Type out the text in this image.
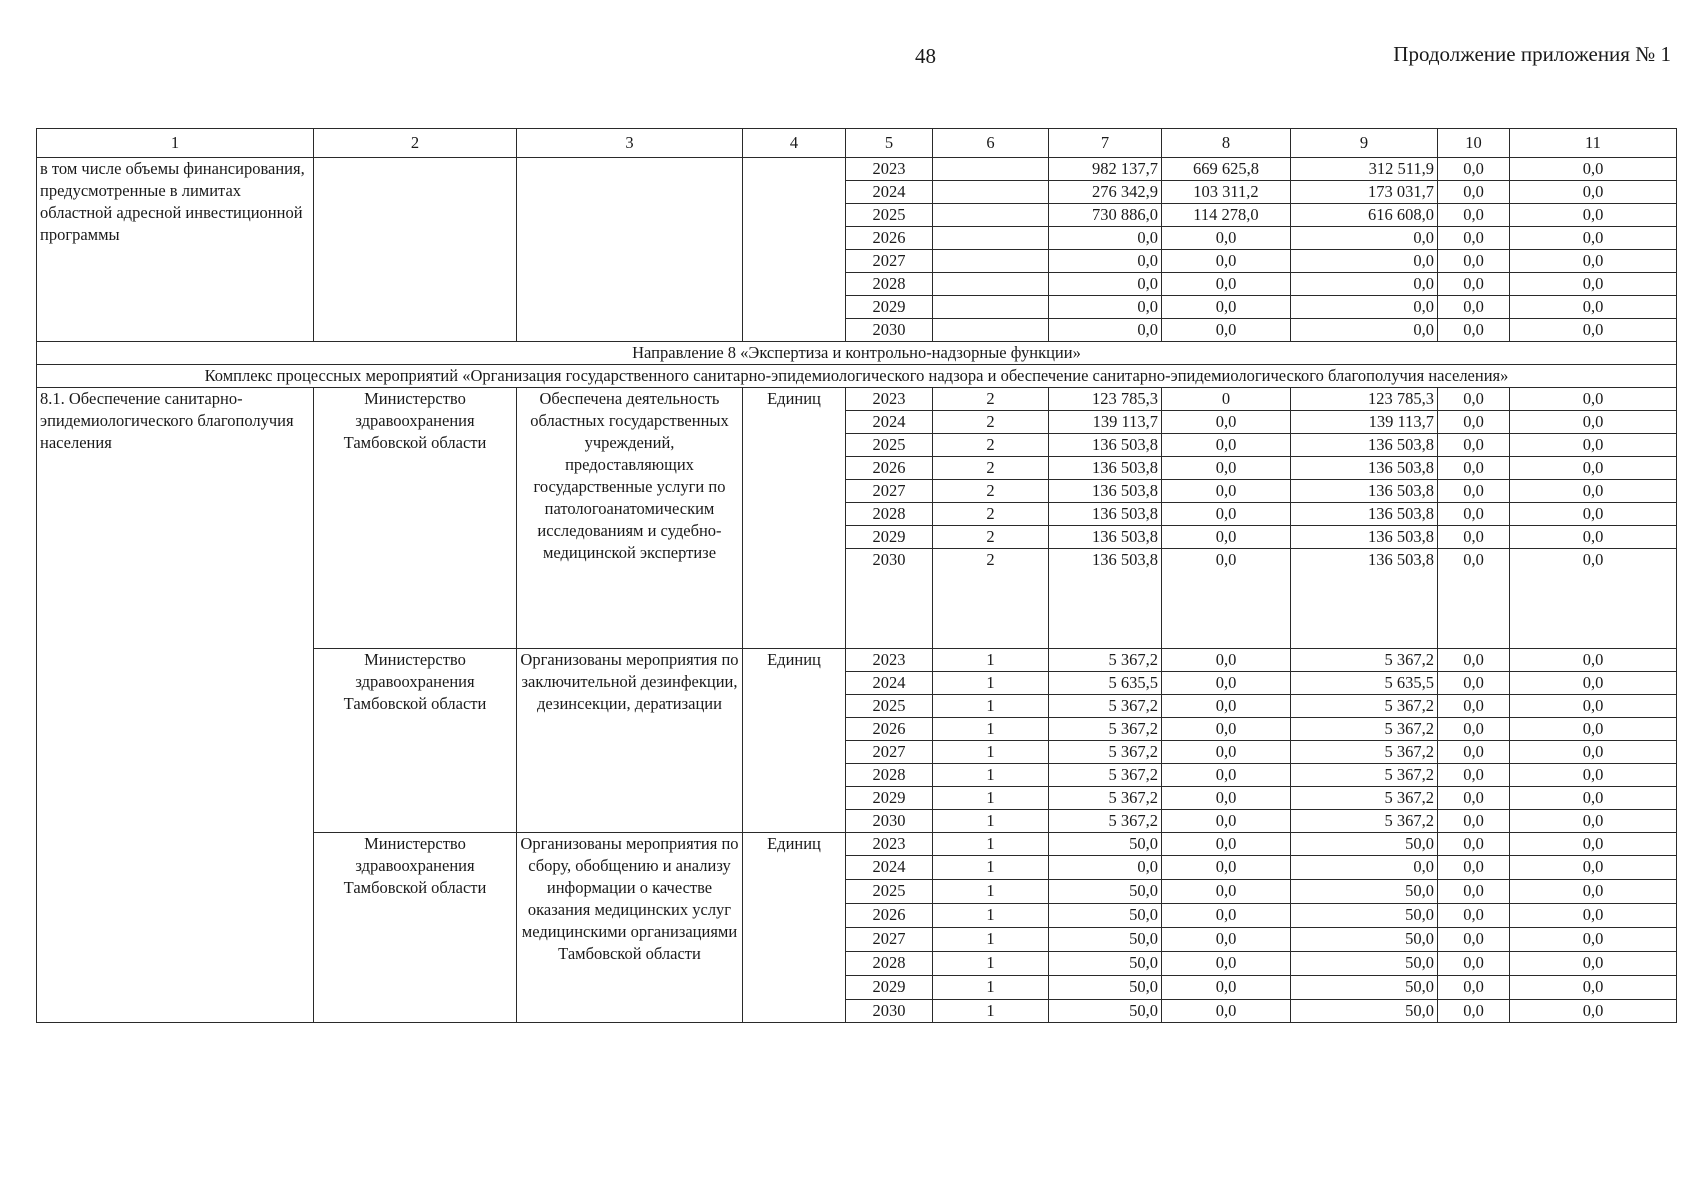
48	Продолжение приложения № 1
1	2	3	4	5	6	7	8	9	10	11
в том числе объемы финансирования, предусмотренные в лимитах областной адресной инвестиционной программы				2023		982 137,7	669 625,8	312 511,9	0,0	0,0
				2024		276 342,9	103 311,2	173 031,7	0,0	0,0
				2025		730 886,0	114 278,0	616 608,0	0,0	0,0
				2026		0,0	0,0	0,0	0,0	0,0
				2027		0,0	0,0	0,0	0,0	0,0
				2028		0,0	0,0	0,0	0,0	0,0
				2029		0,0	0,0	0,0	0,0	0,0
				2030		0,0	0,0	0,0	0,0	0,0
Направление 8 «Экспертиза и контрольно-надзорные функции»										
Комплекс процессных мероприятий «Организация государственного санитарно-эпидемиологического надзора и обеспечение санитарно-эпидемиологического благополучия населения»										
8.1. Обеспечение санитарно-эпидемиологического благополучия населения	Министерство здравоохранения Тамбовской области	Обеспечена деятельность областных государственных учреждений, предоставляющих государственные услуги по патологоанатомическим исследованиям и судебно-медицинской экспертизе	Единиц	2023	2	123 785,3	0	123 785,3	0,0	0,0
				2024	2	139 113,7	0,0	139 113,7	0,0	0,0
				2025	2	136 503,8	0,0	136 503,8	0,0	0,0
				2026	2	136 503,8	0,0	136 503,8	0,0	0,0
				2027	2	136 503,8	0,0	136 503,8	0,0	0,0
				2028	2	136 503,8	0,0	136 503,8	0,0	0,0
				2029	2	136 503,8	0,0	136 503,8	0,0	0,0
				2030	2	136 503,8	0,0	136 503,8	0,0	0,0
	Министерство здравоохранения Тамбовской области	Организованы мероприятия по заключительной дезинфекции, дезинсекции, дератизации	Единиц	2023	1	5 367,2	0,0	5 367,2	0,0	0,0
				2024	1	5 635,5	0,0	5 635,5	0,0	0,0
				2025	1	5 367,2	0,0	5 367,2	0,0	0,0
				2026	1	5 367,2	0,0	5 367,2	0,0	0,0
				2027	1	5 367,2	0,0	5 367,2	0,0	0,0
				2028	1	5 367,2	0,0	5 367,2	0,0	0,0
				2029	1	5 367,2	0,0	5 367,2	0,0	0,0
				2030	1	5 367,2	0,0	5 367,2	0,0	0,0
	Министерство здравоохранения Тамбовской области	Организованы мероприятия по сбору, обобщению и анализу информации о качестве оказания медицинских услуг медицинскими организациями Тамбовской области	Единиц	2023	1	50,0	0,0	50,0	0,0	0,0
				2024	1	0,0	0,0	0,0	0,0	0,0
				2025	1	50,0	0,0	50,0	0,0	0,0
				2026	1	50,0	0,0	50,0	0,0	0,0
				2027	1	50,0	0,0	50,0	0,0	0,0
				2028	1	50,0	0,0	50,0	0,0	0,0
				2029	1	50,0	0,0	50,0	0,0	0,0
				2030	1	50,0	0,0	50,0	0,0	0,0
